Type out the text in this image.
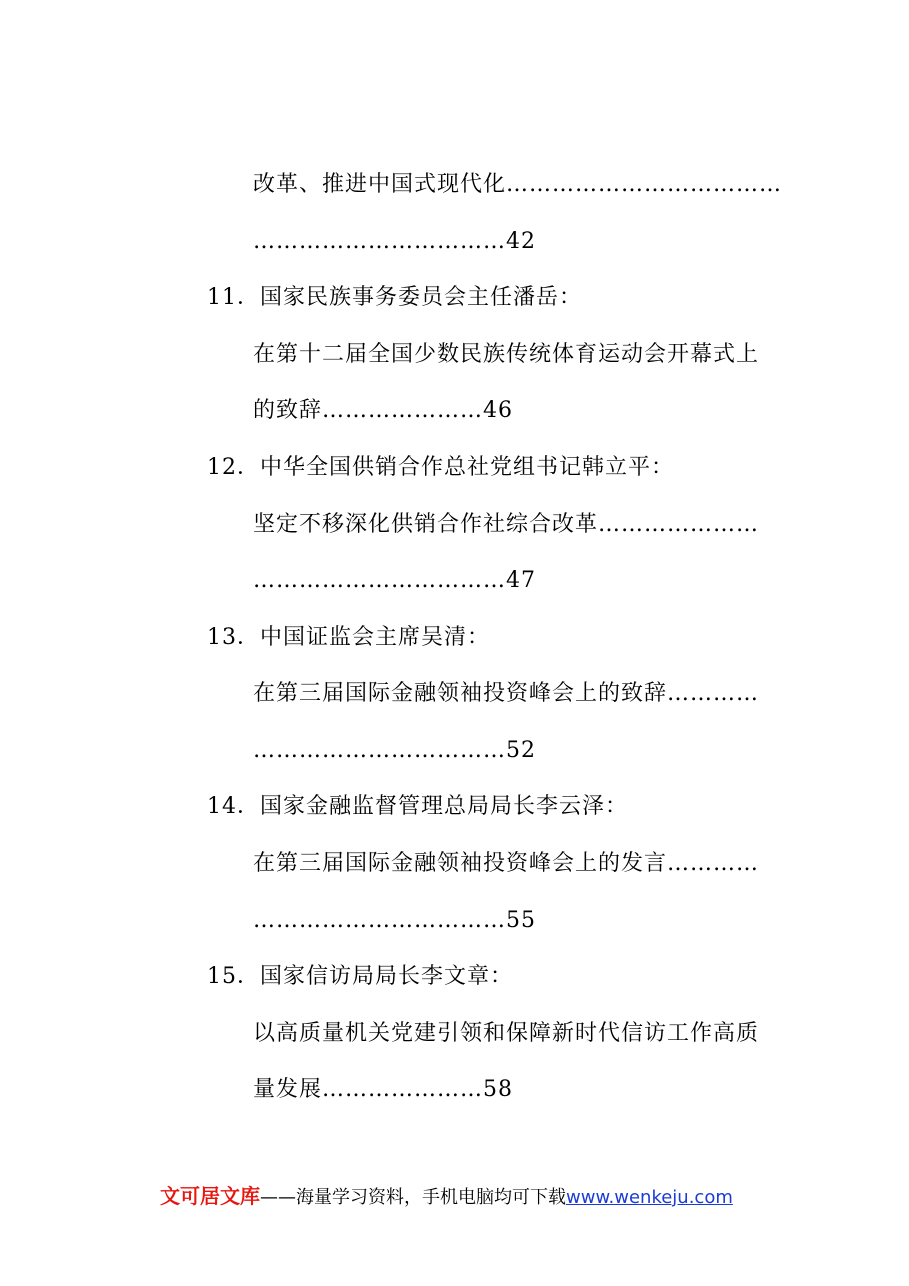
改革、推进中国式现代化………………………………
……………………………42
11．国家民族事务委员会主任潘岳：
在第十二届全国少数民族传统体育运动会开幕式上
的致辞…………………46
12．中华全国供销合作总社党组书记韩立平：
坚定不移深化供销合作社综合改革…………………
……………………………47
13．中国证监会主席吴清：
在第三届国际金融领袖投资峰会上的致辞…………
……………………………52
14．国家金融监督管理总局局长李云泽：
在第三届国际金融领袖投资峰会上的发言…………
……………………………55
15．国家信访局局长李文章：
以高质量机关党建引领和保障新时代信访工作高质
量发展…………………58
文可居文库——海量学习资料，手机电脑均可下载www.wenkeju.com
